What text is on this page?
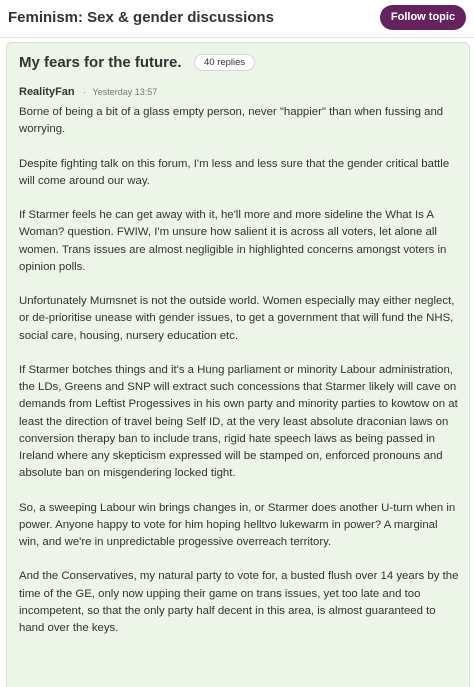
Feminism: Sex & gender discussions	Follow topic
My fears for the future. 40 replies
RealityFan · Yesterday 13:57

Borne of being a bit of a glass empty person, never "happier" than when fussing and worrying.

Despite fighting talk on this forum, I'm less and less sure that the gender critical battle will come around our way.

If Starmer feels he can get away with it, he'll more and more sideline the What Is A Woman? question. FWIW, I'm unsure how salient it is across all voters, let alone all women. Trans issues are almost negligible in highlighted concerns amongst voters in opinion polls.

Unfortunately Mumsnet is not the outside world. Women especially may either neglect, or de-prioritise unease with gender issues, to get a government that will fund the NHS, social care, housing, nursery education etc.

If Starmer botches things and it's a Hung parliament or minority Labour administration, the LDs, Greens and SNP will extract such concessions that Starmer likely will cave on demands from Leftist Progessives in his own party and minority parties to kowtow on at least the direction of travel being Self ID, at the very least absolute draconian laws on conversion therapy ban to include trans, rigid hate speech laws as being passed in Ireland where any skepticism expressed will be stamped on, enforced pronouns and absolute ban on misgendering locked tight.

So, a sweeping Labour win brings changes in, or Starmer does another U-turn when in power. Anyone happy to vote for him hoping helltvo lukewarm in power? A marginal win, and we're in unpredictable progessive overreach territory.

And the Conservatives, my natural party to vote for, a busted flush over 14 years by the time of the GE, only now upping their game on trans issues, yet too late and too incompetent, so that the only party half decent in this area, is almost guaranteed to hand over the keys.
